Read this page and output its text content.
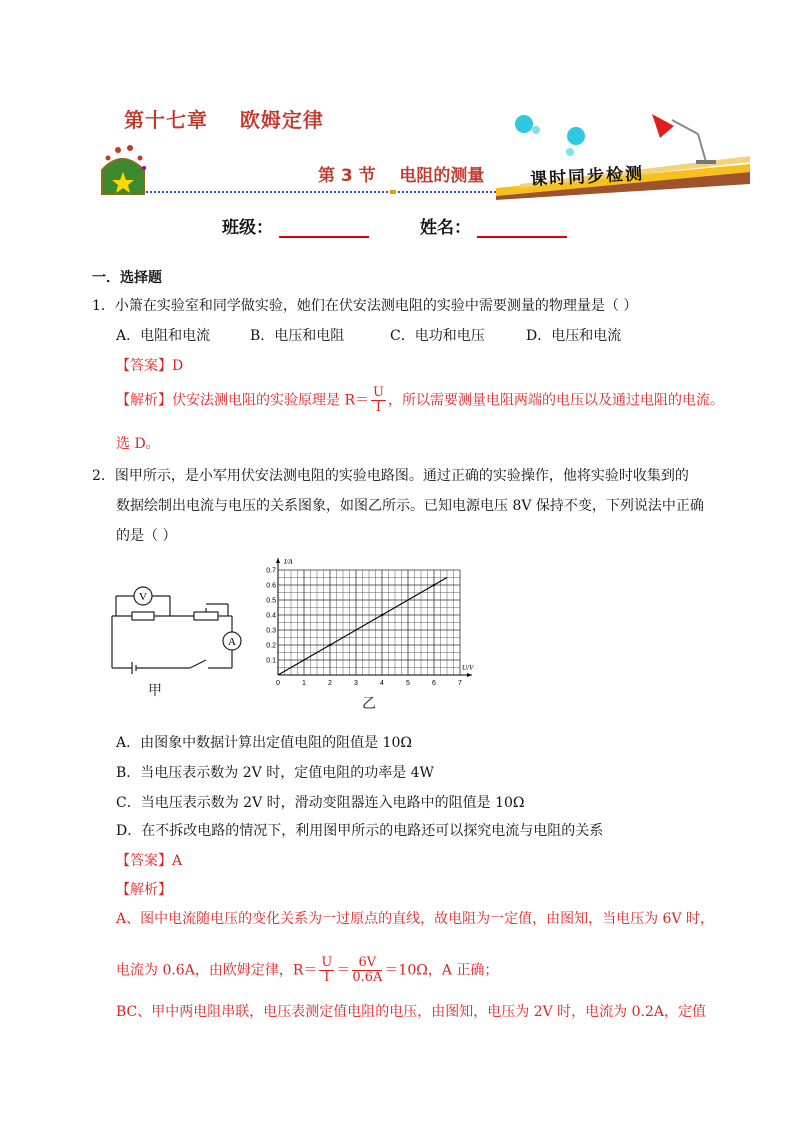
第十七章    欧姆定律
第 3 节    电阻的测量	课时同步检测
班级：	姓名：
一．选择题
1．小箫在实验室和同学做实验，她们在伏安法测电阻的实验中需要测量的物理量是（ ）
A．电阻和电流	B．电压和电阻	C．电功和电压	D．电压和电流
【答案】D
【解析】伏安法测电阻的实验原理是 $R= \frac{U}{I}$ ，所以需要测量电阻两端的电压以及通过电阻的电流。
选 D。
2．图甲所示，是小军用伏安法测电阻的实验电路图。通过正确的实验操作，他将实验时收集到的
数据绘制出电流与电压的关系图象，如图乙所示。已知电源电压 8V 保持不变，下列说法中正确
的是（ ）
V
A
甲	0	1	2	3	4	5	6	7
0.1
0.2
0.3
0.4
0.5
0.6
0.7
U/V
I/A
乙
A．由图象中数据计算出定值电阻的阻值是 10Ω
B．当电压表示数为 2V 时，定值电阻的功率是 4W
C．当电压表示数为 2V 时，滑动变阻器连入电路中的阻值是 10Ω
D．在不拆改电路的情况下，利用图甲所示的电路还可以探究电流与电阻的关系
【答案】A
【解析】
A、图中电流随电压的变化关系为一过原点的直线，故电阻为一定值，由图知，当电压为 6V 时，
电流为 0.6A，由欧姆定律，$R= \frac{U}{I} = \frac{6V}{0.6A} =10\Omega$，A 正确；
BC、甲中两电阻串联，电压表测定值电阻的电压，由图知，电压为 2V 时，电流为 0.2A，定值
